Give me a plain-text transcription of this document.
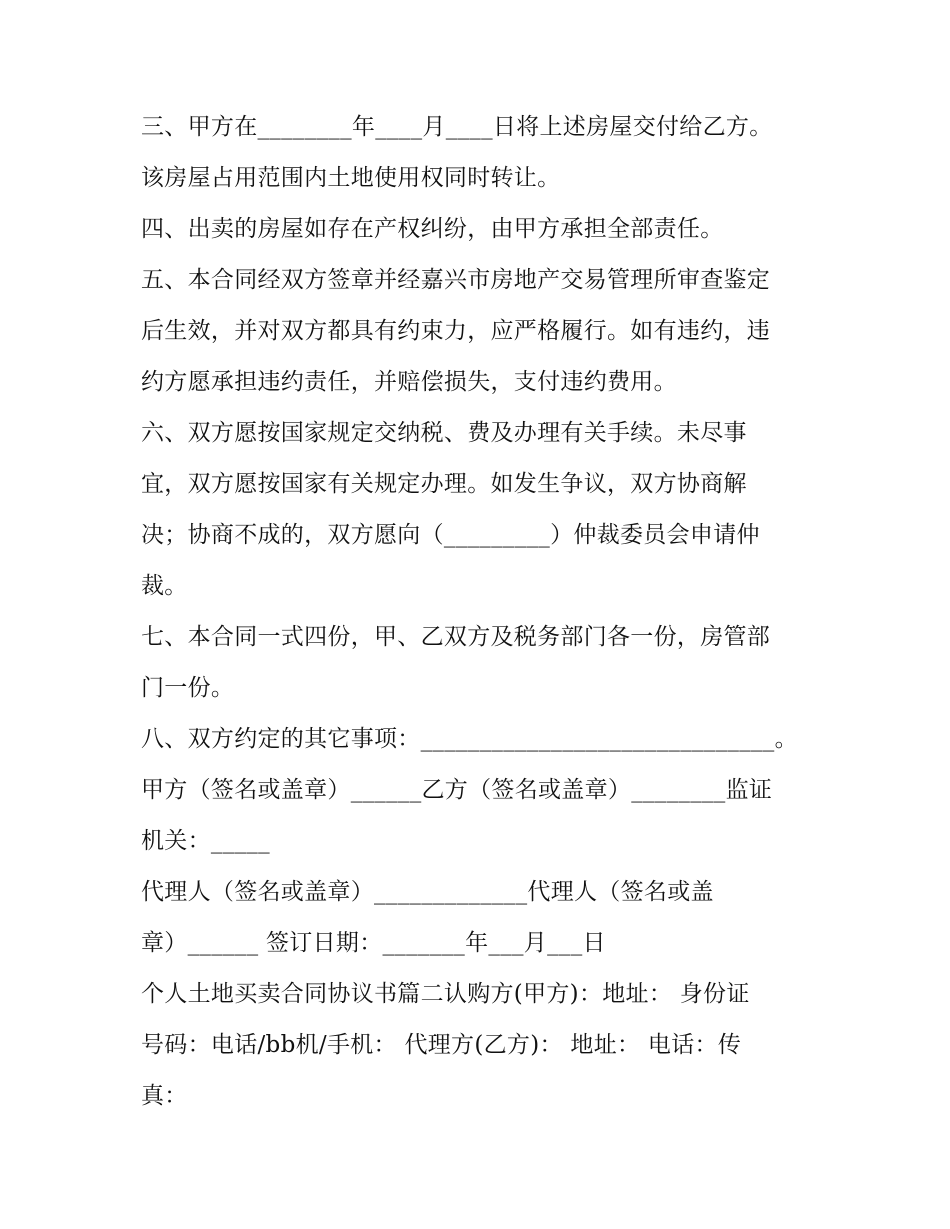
三、甲方在________年____月____日将上述房屋交付给乙方。
该房屋占用范围内土地使用权同时转让。
四、出卖的房屋如存在产权纠纷，由甲方承担全部责任。
五、本合同经双方签章并经嘉兴市房地产交易管理所审查鉴定
后生效，并对双方都具有约束力，应严格履行。如有违约，违
约方愿承担违约责任，并赔偿损失，支付违约费用。
六、双方愿按国家规定交纳税、费及办理有关手续。未尽事
宜，双方愿按国家有关规定办理。如发生争议，双方协商解
决；协商不成的，双方愿向（_________）仲裁委员会申请仲
裁。
七、本合同一式四份，甲、乙双方及税务部门各一份，房管部
门一份。
八、双方约定的其它事项：______________________________。
甲方（签名或盖章）______乙方（签名或盖章）________监证
机关：_____
代理人（签名或盖章）_____________代理人（签名或盖
章）______ 签订日期：_______年___月___日
个人土地买卖合同协议书篇二认购方(甲方)：地址： 身份证
号码：电话/bb机/手机： 代理方(乙方)： 地址： 电话：传
真：
